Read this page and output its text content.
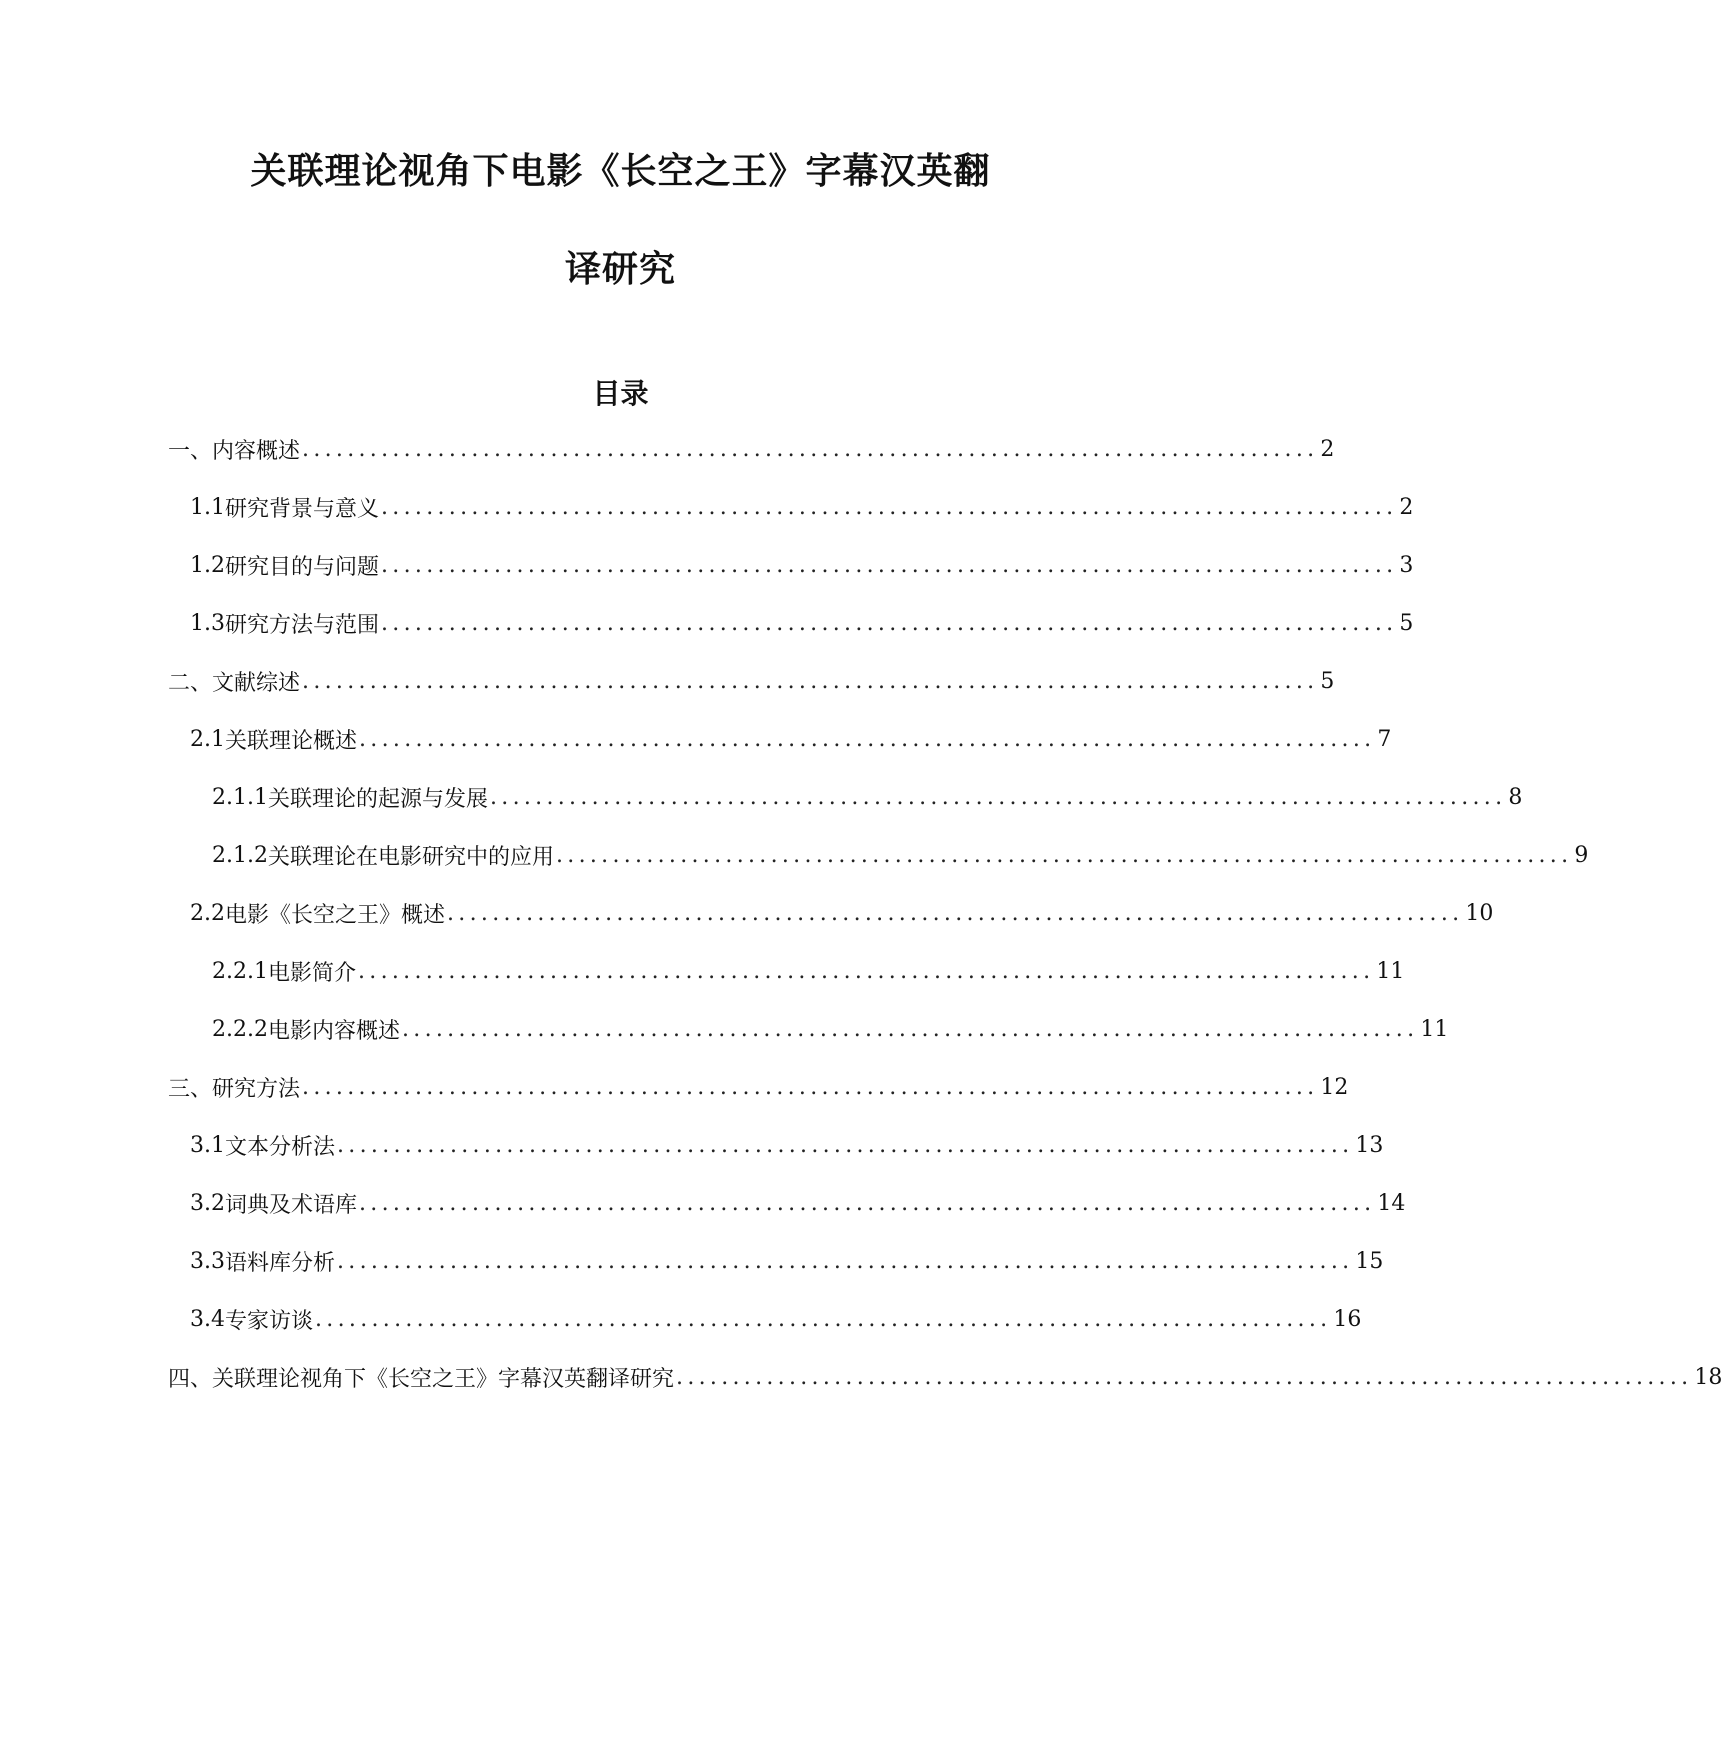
关联理论视角下电影《长空之王》字幕汉英翻
译研究
目录
一、 内容概述 .......................................................................................... 2
1.1 研究背景与意义 .......................................................................................... 2
1.2 研究目的与问题 .......................................................................................... 3
1.3 研究方法与范围 .......................................................................................... 5
二、 文献综述 .......................................................................................... 5
2.1 关联理论概述 .......................................................................................... 7
2.1.1 关联理论的起源与发展 .......................................................................................... 8
2.1.2 关联理论在电影研究中的应用 .......................................................................................... 9
2.2 电影《长空之王》概述 .......................................................................................... 10
2.2.1 电影简介 .......................................................................................... 11
2.2.2 电影内容概述 .......................................................................................... 11
三、 研究方法 .......................................................................................... 12
3.1 文本分析法 .......................................................................................... 13
3.2 词典及术语库 .......................................................................................... 14
3.3 语料库分析 .......................................................................................... 15
3.4 专家访谈 .......................................................................................... 16
四、 关联理论视角下《长空之王》字幕汉英翻译研究 .......................................................................................... 18
